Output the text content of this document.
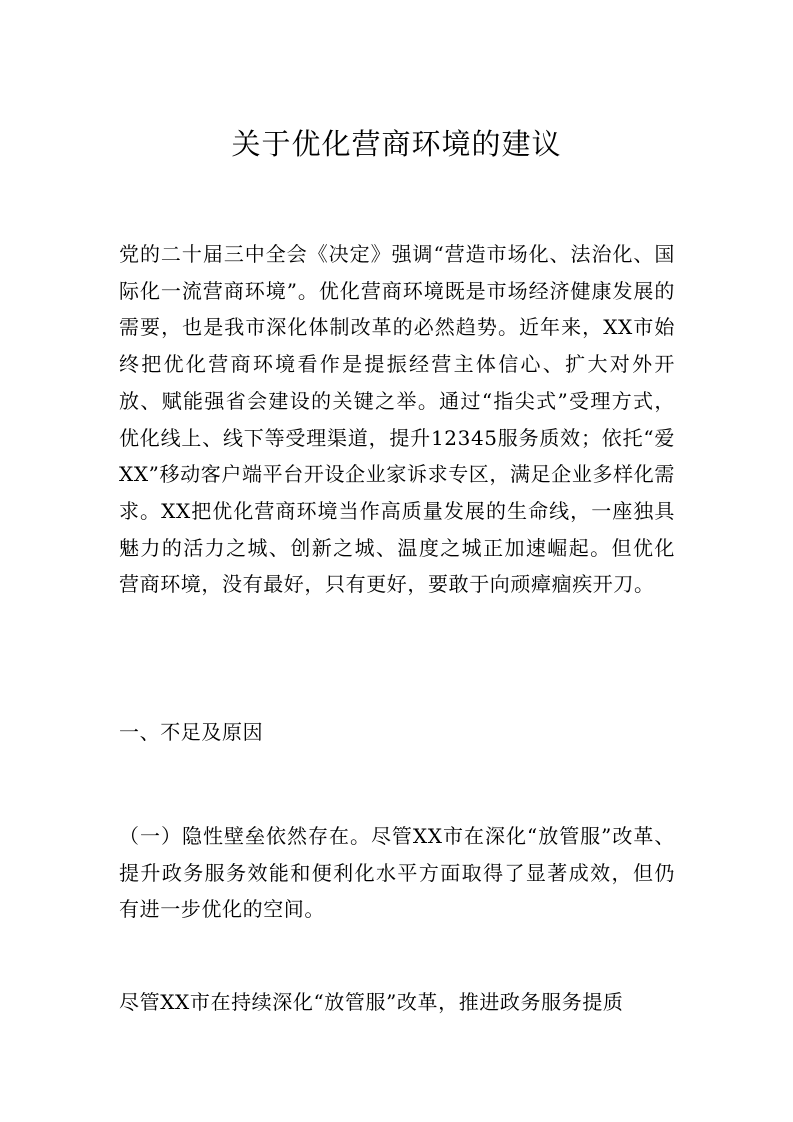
关于优化营商环境的建议

党的二十届三中全会《决定》强调“营造市场化、法治化、国际化一流营商环境”。优化营商环境既是市场经济健康发展的需要，也是我市深化体制改革的必然趋势。近年来，XX市始终把优化营商环境看作是提振经营主体信心、扩大对外开放、赋能强省会建设的关键之举。通过“指尖式”受理方式，优化线上、线下等受理渠道，提升12345服务质效；依托“爱XX”移动客户端平台开设企业家诉求专区，满足企业多样化需求。XX把优化营商环境当作高质量发展的生命线，一座独具魅力的活力之城、创新之城、温度之城正加速崛起。但优化营商环境，没有最好，只有更好，要敢于向顽瘴痼疾开刀。

一、不足及原因

（一）隐性壁垒依然存在。尽管XX市在深化“放管服”改革、提升政务服务效能和便利化水平方面取得了显著成效，但仍有进一步优化的空间。

尽管XX市在持续深化“放管服”改革，推进政务服务提质
